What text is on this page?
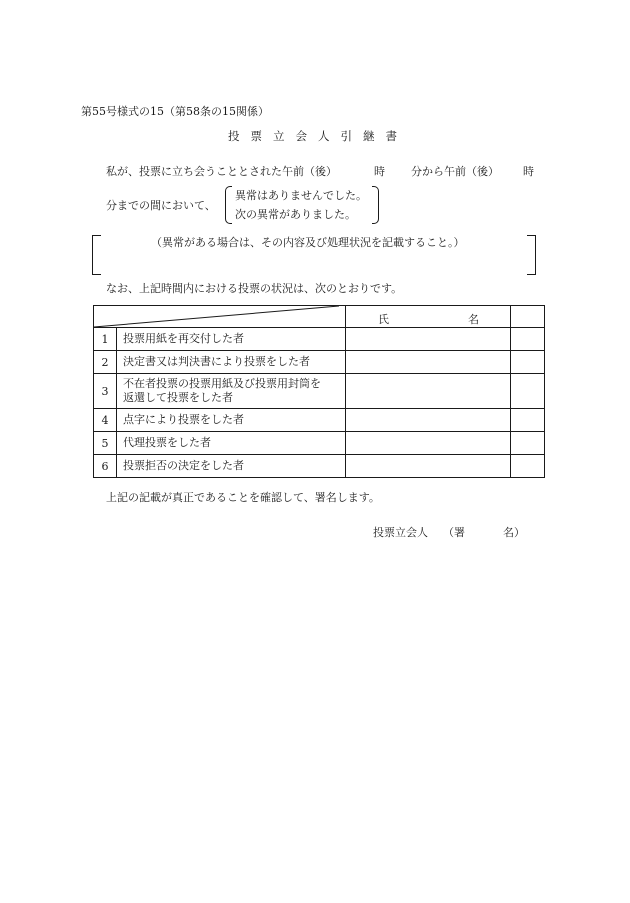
第55号様式の15（第58条の15関係）
投票立会人引継書
私が、投票に立ち会うこととされた午前（後）	時 分から午前（後） 時
分までの間において、
異常はありませんでした。
次の異常がありました。
（異常がある場合は、その内容及び処理状況を記載すること。）
なお、上記時間内における投票の状況は、次のとおりです。

氏 名	

1	投票用紙を再交付した者		
2	決定書又は判決書により投票をした者		
3	不在者投票の投票用紙及び投票用封筒を
返還して投票をした者		
4	点字により投票をした者		
5	代理投票をした者		
6	投票拒否の決定をした者		
上記の記載が真正であることを確認して、署名します。
投票立会人 （署	名）
